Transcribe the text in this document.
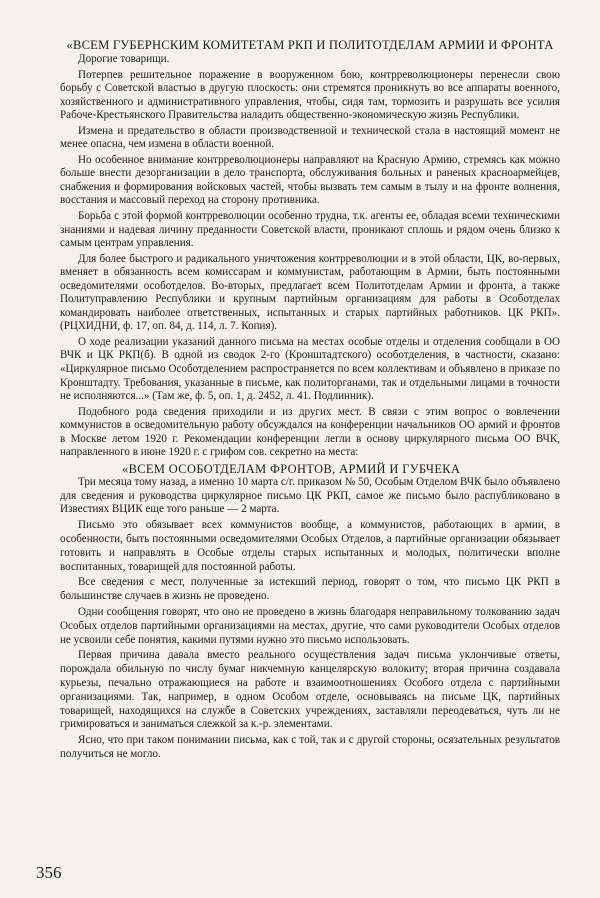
«ВСЕМ ГУБЕРНСКИМ КОМИТЕТАМ РКП И ПОЛИТОТДЕЛАМ АРМИИ И ФРОНТА

Дорогие товарищи.

Потерпев решительное поражение в вооруженном бою, контрреволюционеры перенесли свою борьбу с Советской властью в другую плоскость: они стремятся проникнуть во все аппараты военного, хозяйственного и административного управления, чтобы, сидя там, тормозить и разрушать все усилия Рабоче-Крестьянского Правительства наладить общественно-экономическую жизнь Республики.

Измена и предательство в области производственной и технической стала в настоящий момент не менее опасна, чем измена в области военной.

Но особенное внимание контрреволюционеры направляют на Красную Армию, стремясь как можно больше внести дезорганизации в дело транспорта, обслуживания больных и раненых красноармейцев, снабжения и формирования войсковых частей, чтобы вызвать тем самым в тылу и на фронте волнения, восстания и массовый переход на сторону противника.

Борьба с этой формой контрреволюции особенно трудна, т.к. агенты ее, обладая всеми техническими знаниями и надевая личину преданности Советской власти, проникают сплошь и рядом очень близко к самым центрам управления.

Для более быстрого и радикального уничтожения контрреволюции и в этой области, ЦК, во-первых, вменяет в обязанность всем комиссарам и коммунистам, работающим в Армии, быть постоянными осведомителями особотделов. Во-вторых, предлагает всем Политотделам Армии и фронта, а также Политуправлению Республики и крупным партийным организациям для работы в Особотделах командировать наиболее ответственных, испытанных и старых партийных работников. ЦК РКП». (РЦХИДНИ, ф. 17, оп. 84, д. 114, л. 7. Копия).

О ходе реализации указаний данного письма на местах особые отделы и отделения сообщали в ОО ВЧК и ЦК РКП(б). В одной из сводок 2-го (Кронштадтского) особотделения, в частности, сказано: «Циркулярное письмо Особотделением распространяется по всем коллективам и объявлено в приказе по Кронштадту. Требования, указанные в письме, как политорганами, так и отдельными лицами в точности не исполняются...» (Там же, ф. 5, оп. 1, д. 2452, л. 41. Подлинник).

Подобного рода сведения приходили и из других мест. В связи с этим вопрос о вовлечении коммунистов в осведомительную работу обсуждался на конференции начальников ОО армий и фронтов в Москве летом 1920 г. Рекомендации конференции легли в основу циркулярного письма ОО ВЧК, направленного в июне 1920 г. с грифом сов. секретно на места:

«ВСЕМ ОСОБОТДЕЛАМ ФРОНТОВ, АРМИЙ И ГУБЧЕКА

Три месяца тому назад, а именно 10 марта с/г. приказом № 50, Особым Отделом ВЧК было объявлено для сведения и руководства циркулярное письмо ЦК РКП, самое же письмо было распубликовано в Известиях ВЦИК еще того раньше — 2 марта.

Письмо это обязывает всех коммунистов вообще, а коммунистов, работающих в армии, в особенности, быть постоянными осведомителями Особых Отделов, а партийные организации обязывает готовить и направлять в Особые отделы старых испытанных и молодых, политически вполне воспитанных, товарищей для постоянной работы.

Все сведения с мест, полученные за истекший период, говорят о том, что письмо ЦК РКП в большинстве случаев в жизнь не проведено.

Одни сообщения говорят, что оно не проведено в жизнь благодаря неправильному толкованию задач Особых отделов партийными организациями на местах, другие, что сами руководители Особых отделов не усвоили себе понятия, какими путями нужно это письмо использовать.

Первая причина давала вместо реального осуществления задач письма уклончивые ответы, порождала обильную по числу бумаг никчемную канцелярскую волокиту; вторая причина создавала курьезы, печально отражающиеся на работе и взаимоотношениях Особого отдела с партийными организациями. Так, например, в одном Особом отделе, основываясь на письме ЦК, партийных товарищей, находящихся на службе в Советских учреждениях, заставляли переодеваться, чуть ли не гримироваться и заниматься слежкой за к.-р. элементами.

Ясно, что при таком понимании письма, как с той, так и с другой стороны, осязательных результатов получиться не могло.

356
